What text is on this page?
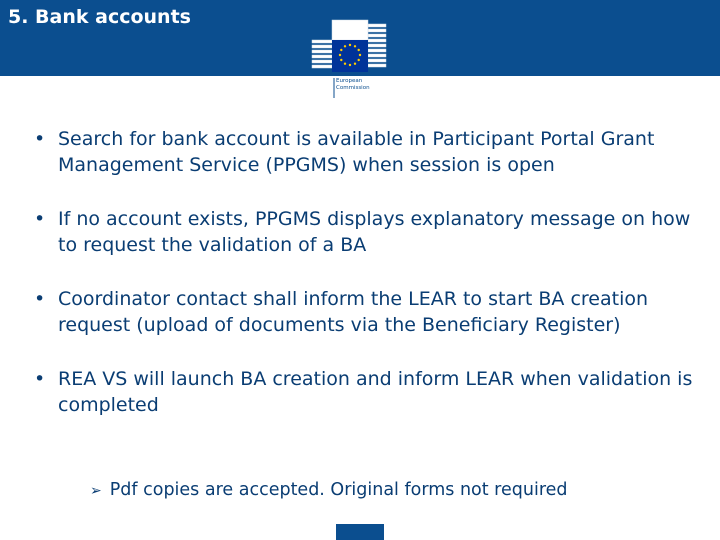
5. Bank accounts
European
Commission
• Search for bank account is available in Participant Portal Grant Management Service (PPGMS) when session is open
• If no account exists, PPGMS displays explanatory message on how to request the validation of a BA
• Coordinator contact shall inform the LEAR to start BA creation request (upload of documents via the Beneficiary Register)
• REA VS will launch BA creation and inform LEAR when validation is completed
➢ Pdf copies are accepted. Original forms not required
